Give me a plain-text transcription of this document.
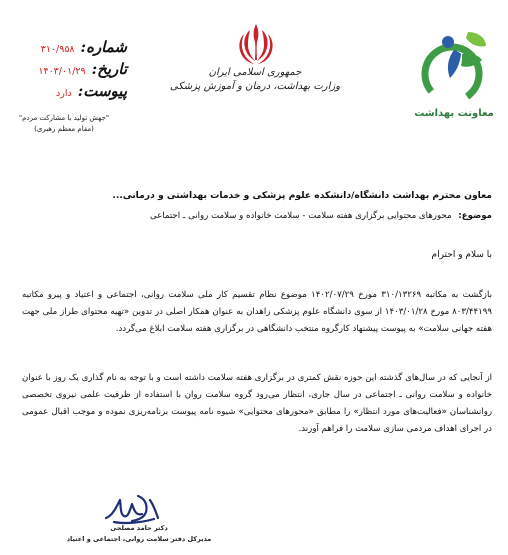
شماره:
۳۱۰/۹۵۸
تاریخ:
۱۴۰۳/۰۱/۲۹
پیوست:
دارد
"جهش تولید با مشارکت مردم"
(مقام معظم رهبری)
جمهوری اسلامی ایران
وزارت بهداشت، درمان و آموزش پزشکی
معاونت بهداشت
معاون محترم بهداشت دانشگاه/دانشکده علوم پزشکی و خدمات بهداشتی و درمانی...
موضوع: محورهای محتوایی برگزاری هفته سلامت - سلامت خانواده و سلامت روانی ـ اجتماعی
با سلام و احترام
بازگشت به مکاتبه ۳۱۰/۱۳۲۶۹ مورخ ۱۴۰۲/۰۷/۲۹ موضوع نظام تقسیم کار ملی سلامت روانی، اجتماعی و اعتیاد و پیرو مکاتبه ۸۰۳/۴۴۱۹۹ مورخ ۱۴۰۳/۰۱/۲۸ از سوی دانشگاه علوم پزشکی زاهدان به عنوان همکار اصلی در تدوین «تهیه محتوای طراز ملی جهت هفته جهانی سلامت» به پیوست پیشنهاد کارگروه منتخب دانشگاهی در برگزاری هفته سلامت ابلاغ می‌گردد.
از آنجایی که در سال‌های گذشته این حوزه نقش کمتری در برگزاری هفته سلامت داشته است و با توجه به نام گذاری یک روز با عنوان خانواده و سلامت روانی ـ اجتماعی در سال جاری، انتظار می‌رود گروه سلامت روان با استفاده از ظرفیت علمی نیروی تخصصی روانشناسان «فعالیت‌های مورد انتظار» را مطابق «محورهای محتوایی» شیوه نامه پیوست برنامه‌ریزی نموده و موجب اقبال عمومی در اجرای اهداف مردمی سازی سلامت را فراهم آورند.
دکتر حامد مصلحی
مدیرکل دفتر سلامت روانی، اجتماعی و اعتیاد
